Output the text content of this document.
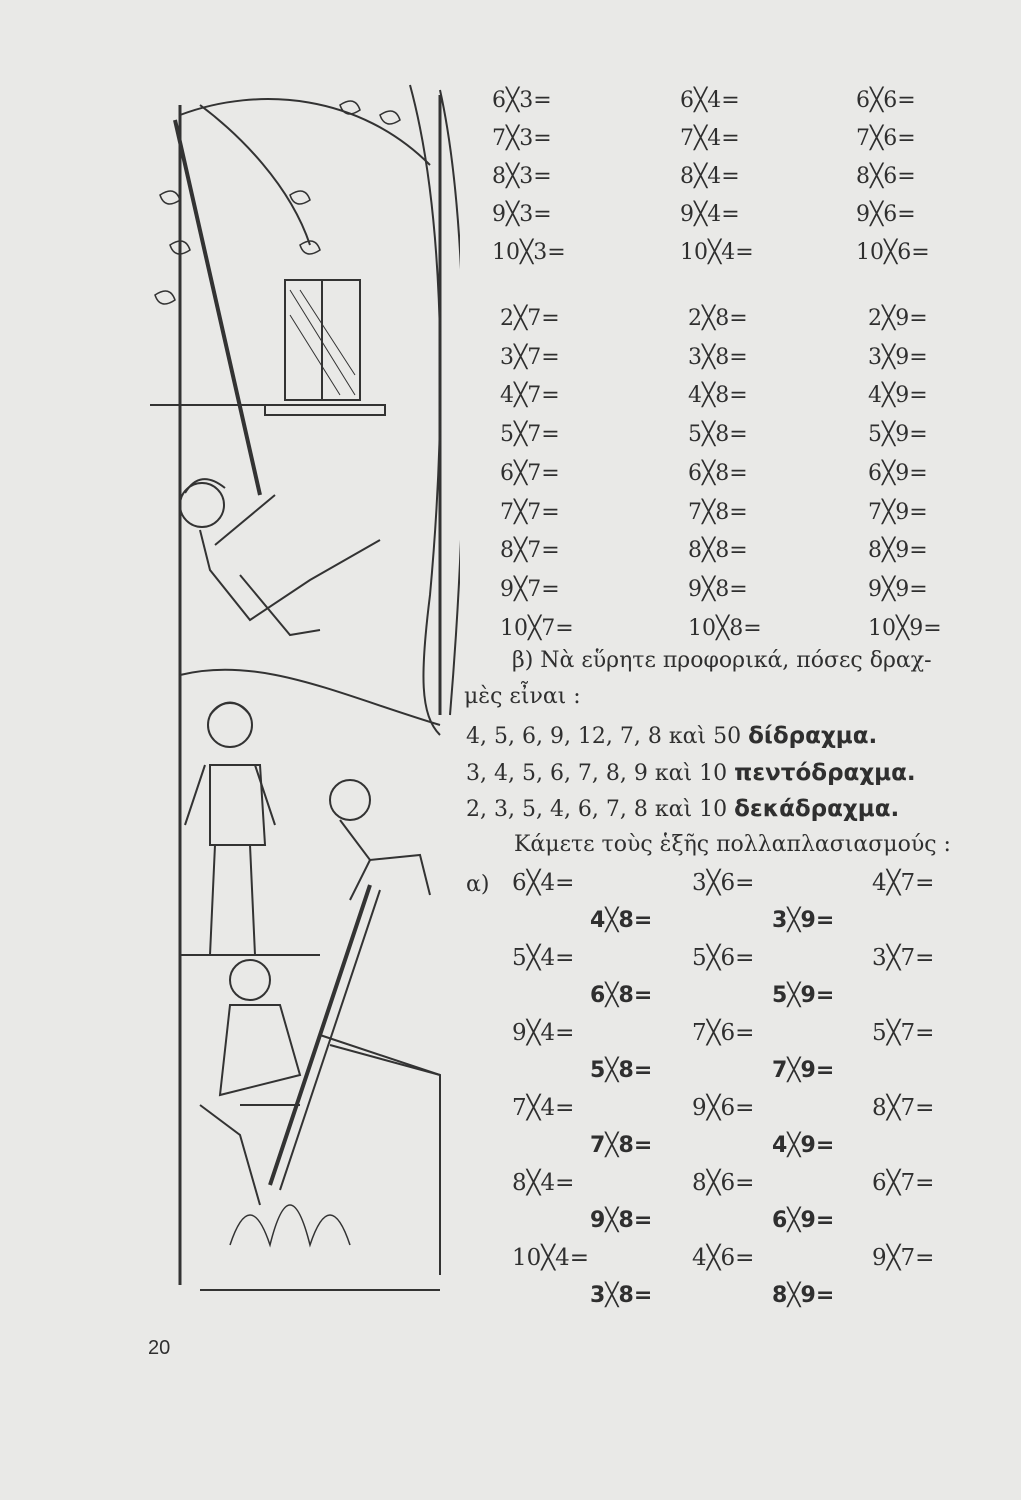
6╳3=	6╳4=	6╳6=
7╳3=	7╳4=	7╳6=
8╳3=	8╳4=	8╳6=
9╳3=	9╳4=	9╳6=
10╳3=	10╳4=	10╳6=
2╳7=	2╳8=	2╳9=
3╳7=	3╳8=	3╳9=
4╳7=	4╳8=	4╳9=
5╳7=	5╳8=	5╳9=
6╳7=	6╳8=	6╳9=
7╳7=	7╳8=	7╳9=
8╳7=	8╳8=	8╳9=
9╳7=	9╳8=	9╳9=
10╳7=	10╳8=	10╳9=
β) Νὰ εὕρητε προφορικά, πόσες δραχ-
μὲς εἶναι :
4, 5, 6, 9, 12, 7, 8 καὶ 50 δίδραχμα.
3, 4, 5, 6, 7, 8, 9 καὶ 10 πεντόδραχμα.
2, 3, 5, 4, 6, 7, 8 καὶ 10 δεκάδραχμα.
Κάμετε τοὺς ἑξῆς πολλαπλασιασμούς :
α) 6╳4=	3╳6=	4╳7=
4╳8=	3╳9=
5╳4=	5╳6=	3╳7=
6╳8=	5╳9=
9╳4=	7╳6=	5╳7=
5╳8=	7╳9=
7╳4=	9╳6=	8╳7=
7╳8=	4╳9=
8╳4=	8╳6=	6╳7=
9╳8=	6╳9=
10╳4=	4╳6=	9╳7=
3╳8=	8╳9=
20
